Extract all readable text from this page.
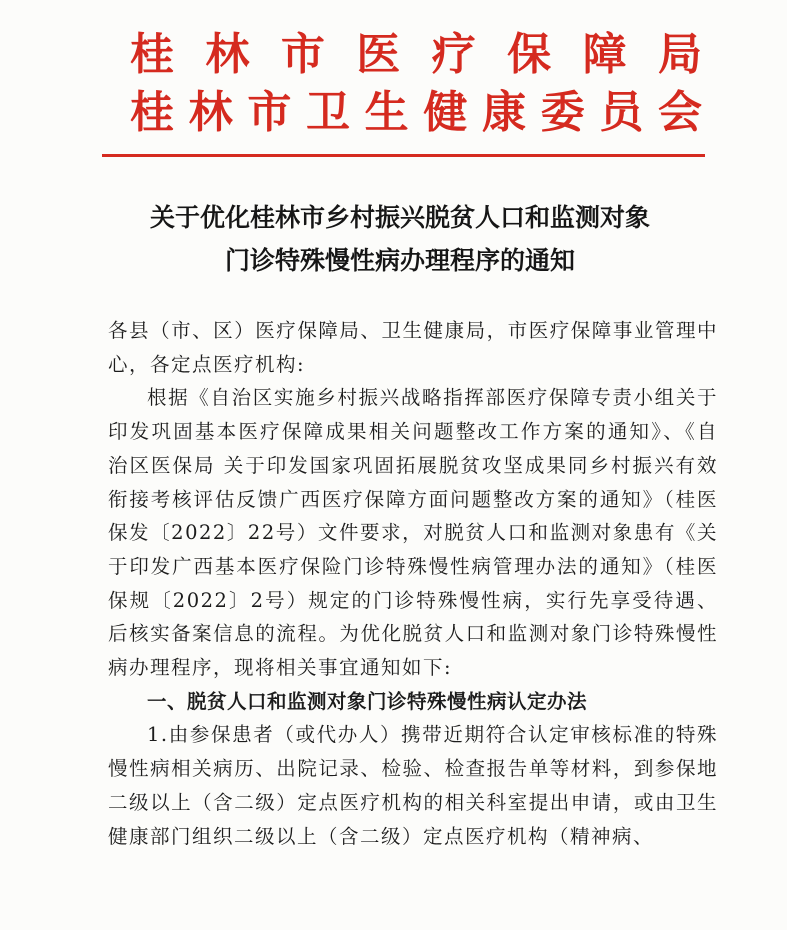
桂林市医疗保障局
桂林市卫生健康委员会
关于优化桂林市乡村振兴脱贫人口和监测对象
门诊特殊慢性病办理程序的通知

各县（市、区）医疗保障局、卫生健康局，市医疗保障事业管理中心，各定点医疗机构:

根据《自治区实施乡村振兴战略指挥部医疗保障专责小组关于印发巩固基本医疗保障成果相关问题整改工作方案的通知》、《自治区医保局 关于印发国家巩固拓展脱贫攻坚成果同乡村振兴有效衔接考核评估反馈广西医疗保障方面问题整改方案的通知》（桂医保发〔2022〕22号）文件要求，对脱贫人口和监测对象患有《关于印发广西基本医疗保险门诊特殊慢性病管理办法的通知》（桂医保规〔2022〕2号）规定的门诊特殊慢性病，实行先享受待遇、后核实备案信息的流程。为优化脱贫人口和监测对象门诊特殊慢性病办理程序，现将相关事宜通知如下:

一、脱贫人口和监测对象门诊特殊慢性病认定办法

1.由参保患者（或代办人）携带近期符合认定审核标准的特殊慢性病相关病历、出院记录、检验、检查报告单等材料，到参保地二级以上（含二级）定点医疗机构的相关科室提出申请，或由卫生健康部门组织二级以上（含二级）定点医疗机构（精神病、
